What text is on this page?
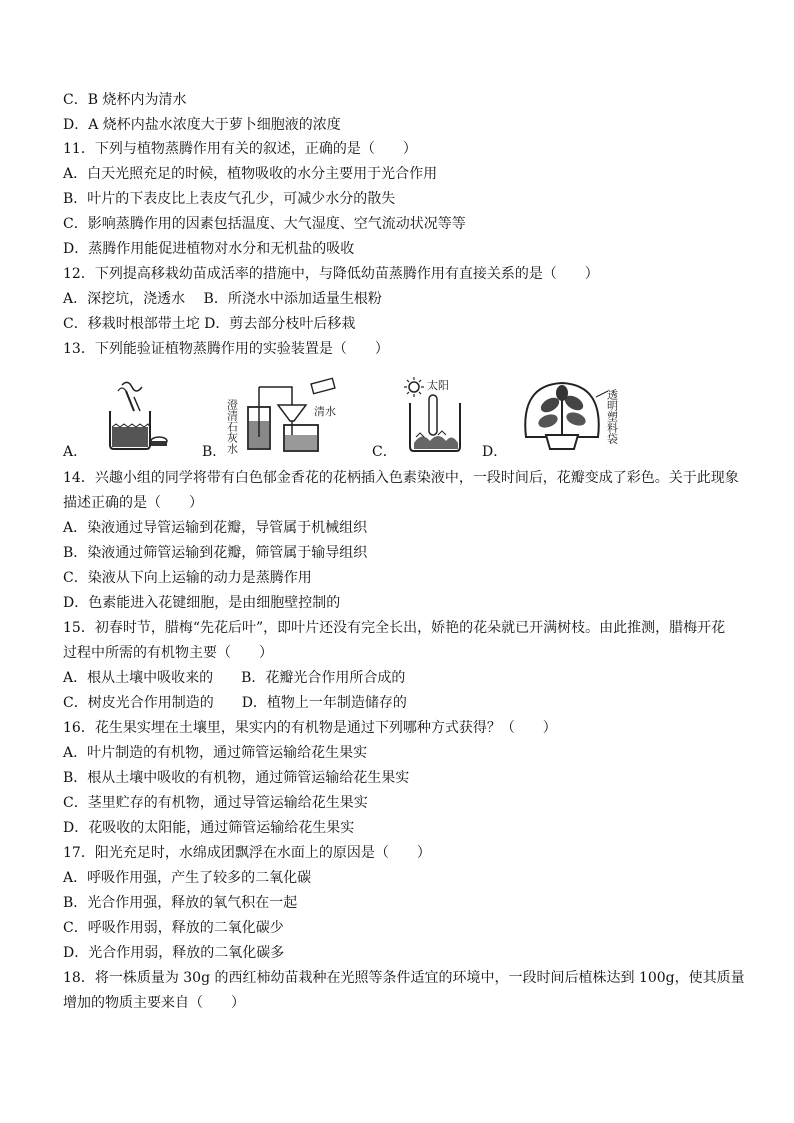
C．B 烧杯内为清水
D．A 烧杯内盐水浓度大于萝卜细胞液的浓度
11．下列与植物蒸腾作用有关的叙述，正确的是（　　）
A．白天光照充足的时候，植物吸收的水分主要用于光合作用
B．叶片的下表皮比上表皮气孔少，可减少水分的散失
C．影响蒸腾作用的因素包括温度、大气湿度、空气流动状况等等
D．蒸腾作用能促进植物对水分和无机盐的吸收
12．下列提高移栽幼苗成活率的措施中，与降低幼苗蒸腾作用有直接关系的是（　　）
A．深挖坑，浇透水　 B．所浇水中添加适量生根粉
C．移栽时根部带土坨 D．剪去部分枝叶后移栽
13．下列能验证植物蒸腾作用的实验装置是（　　）
A．	B． 澄清石灰水	清水
C．
太阳
D．
透明塑料袋
14．兴趣小组的同学将带有白色郁金香花的花柄插入色素染液中，一段时间后，花瓣变成了彩色。关于此现象
描述正确的是（　　）
A．染液通过导管运输到花瓣，导管属于机械组织
B．染液通过筛管运输到花瓣，筛管属于输导组织
C．染液从下向上运输的动力是蒸腾作用
D．色素能进入花键细胞，是由细胞壁控制的
15．初春时节，腊梅“先花后叶”，即叶片还没有完全长出，娇艳的花朵就已开满树枝。由此推测，腊梅开花
过程中所需的有机物主要（　　）
A．根从土壤中吸收来的　　B．花瓣光合作用所合成的
C．树皮光合作用制造的　　D．植物上一年制造储存的
16．花生果实埋在土壤里，果实内的有机物是通过下列哪种方式获得？（　　）
A．叶片制造的有机物，通过筛管运输给花生果实
B．根从土壤中吸收的有机物，通过筛管运输给花生果实
C．茎里贮存的有机物，通过导管运输给花生果实
D．花吸收的太阳能，通过筛管运输给花生果实
17．阳光充足时，水绵成团飘浮在水面上的原因是（　　）
A．呼吸作用强，产生了较多的二氧化碳
B．光合作用强，释放的氧气积在一起
C．呼吸作用弱，释放的二氧化碳少
D．光合作用弱，释放的二氧化碳多
18．将一株质量为 30g 的西红柿幼苗栽种在光照等条件适宜的环境中，一段时间后植株达到 100g，使其质量
增加的物质主要来自（　　）
